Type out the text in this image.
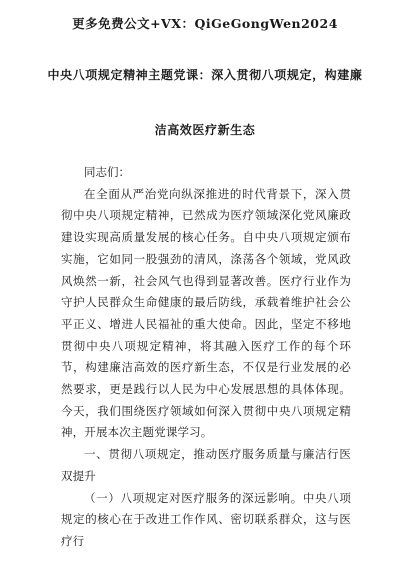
更多免费公文+VX：QiGeGongWen2024
中央八项规定精神主题党课：深入贯彻八项规定，构建廉
洁高效医疗新生态

同志们：

在全面从严治党向纵深推进的时代背景下，深入贯彻中央八项规定精神，已然成为医疗领域深化党风廉政建设实现高质量发展的核心任务。自中央八项规定颁布实施，它如同一股强劲的清风，涤荡各个领域，党风政风焕然一新，社会风气也得到显著改善。医疗行业作为守护人民群众生命健康的最后防线，承载着维护社会公平正义、增进人民福祉的重大使命。因此，坚定不移地贯彻中央八项规定精神，将其融入医疗工作的每个环节，构建廉洁高效的医疗新生态，不仅是行业发展的必然要求，更是践行以人民为中心发展思想的具体体现。今天，我们围绕医疗领域如何深入贯彻中央八项规定精神，开展本次主题党课学习。

一、贯彻八项规定，推动医疗服务质量与廉洁行医双提升

（一）八项规定对医疗服务的深远影响。中央八项规定的核心在于改进工作作风、密切联系群众，这与医疗行
